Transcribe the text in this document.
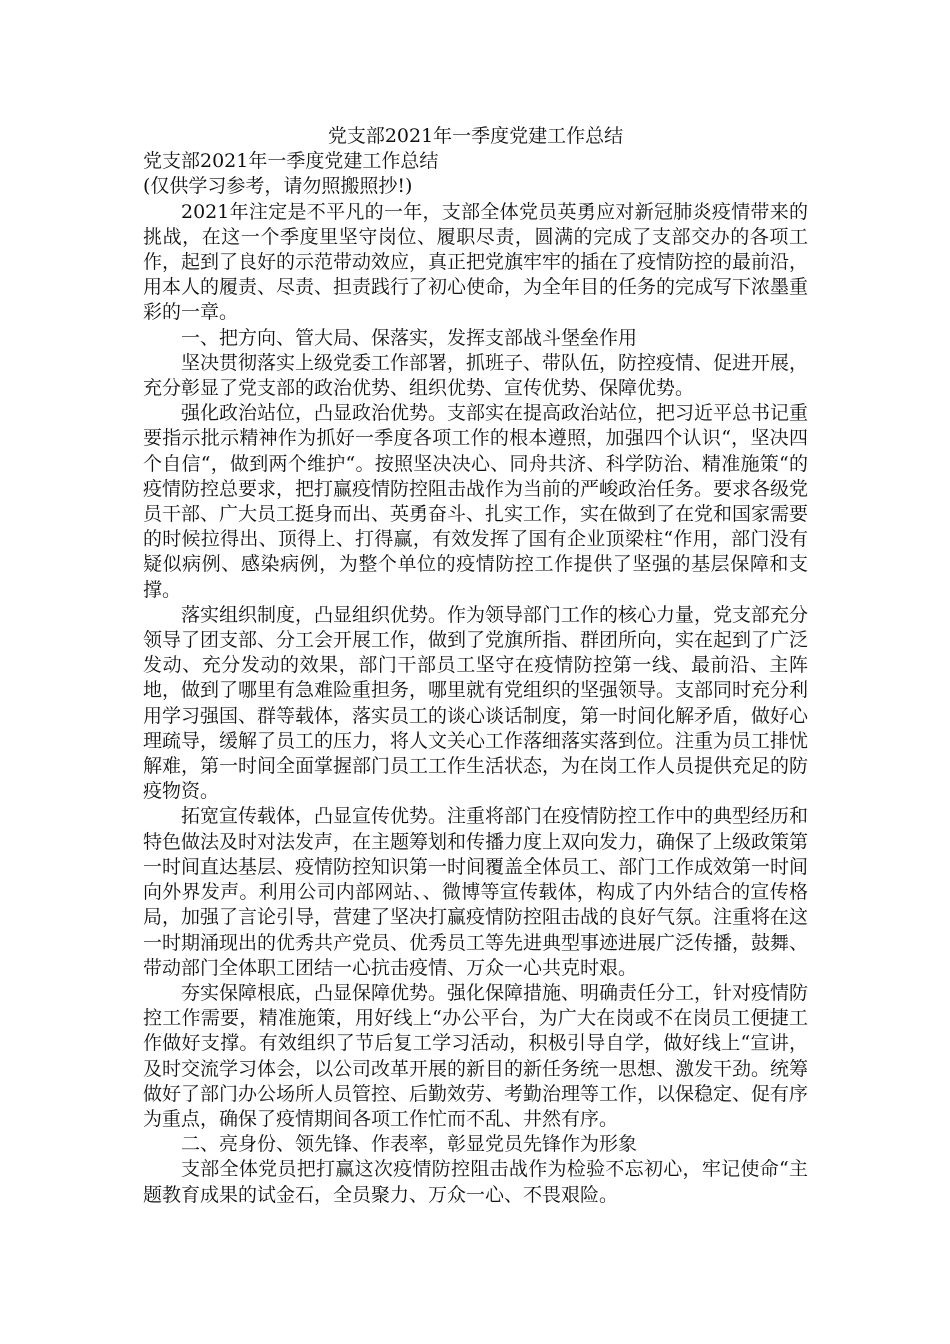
党支部2021年一季度党建工作总结

党支部2021年一季度党建工作总结

(仅供学习参考，请勿照搬照抄!)

2021年注定是不平凡的一年，支部全体党员英勇应对新冠肺炎疫情带来的挑战，在这一个季度里坚守岗位、履职尽责，圆满的完成了支部交办的各项工作，起到了良好的示范带动效应，真正把党旗牢牢的插在了疫情防控的最前沿，用本人的履责、尽责、担责践行了初心使命，为全年目的任务的完成写下浓墨重彩的一章。

一、把方向、管大局、保落实，发挥支部战斗堡垒作用

坚决贯彻落实上级党委工作部署，抓班子、带队伍，防控疫情、促进开展，充分彰显了党支部的政治优势、组织优势、宣传优势、保障优势。

强化政治站位，凸显政治优势。支部实在提高政治站位，把习近平总书记重要指示批示精神作为抓好一季度各项工作的根本遵照，加强四个认识“，坚决四个自信“，做到两个维护“。按照坚决决心、同舟共济、科学防治、精准施策“的疫情防控总要求，把打赢疫情防控阻击战作为当前的严峻政治任务。要求各级党员干部、广大员工挺身而出、英勇奋斗、扎实工作，实在做到了在党和国家需要的时候拉得出、顶得上、打得赢，有效发挥了国有企业顶梁柱“作用，部门没有疑似病例、感染病例，为整个单位的疫情防控工作提供了坚强的基层保障和支撑。

落实组织制度，凸显组织优势。作为领导部门工作的核心力量，党支部充分领导了团支部、分工会开展工作，做到了党旗所指、群团所向，实在起到了广泛发动、充分发动的效果，部门干部员工坚守在疫情防控第一线、最前沿、主阵地，做到了哪里有急难险重担务，哪里就有党组织的坚强领导。支部同时充分利用学习强国、群等载体，落实员工的谈心谈话制度，第一时间化解矛盾，做好心理疏导，缓解了员工的压力，将人文关心工作落细落实落到位。注重为员工排忧解难，第一时间全面掌握部门员工工作生活状态，为在岗工作人员提供充足的防疫物资。

拓宽宣传载体，凸显宣传优势。注重将部门在疫情防控工作中的典型经历和特色做法及时对法发声，在主题筹划和传播力度上双向发力，确保了上级政策第一时间直达基层、疫情防控知识第一时间覆盖全体员工、部门工作成效第一时间向外界发声。利用公司内部网站、、微博等宣传载体，构成了内外结合的宣传格局，加强了言论引导，营建了坚决打赢疫情防控阻击战的良好气氛。注重将在这一时期涌现出的优秀共产党员、优秀员工等先进典型事迹进展广泛传播，鼓舞、带动部门全体职工团结一心抗击疫情、万众一心共克时艰。

夯实保障根底，凸显保障优势。强化保障措施、明确责任分工，针对疫情防控工作需要，精准施策，用好线上“办公平台，为广大在岗或不在岗员工便捷工作做好支撑。有效组织了节后复工学习活动，积极引导自学，做好线上“宣讲，及时交流学习体会，以公司改革开展的新目的新任务统一思想、激发干劲。统筹做好了部门办公场所人员管控、后勤效劳、考勤治理等工作，以保稳定、促有序为重点，确保了疫情期间各项工作忙而不乱、井然有序。

二、亮身份、领先锋、作表率，彰显党员先锋作为形象

支部全体党员把打赢这次疫情防控阻击战作为检验不忘初心，牢记使命“主题教育成果的试金石，全员聚力、万众一心、不畏艰险。
